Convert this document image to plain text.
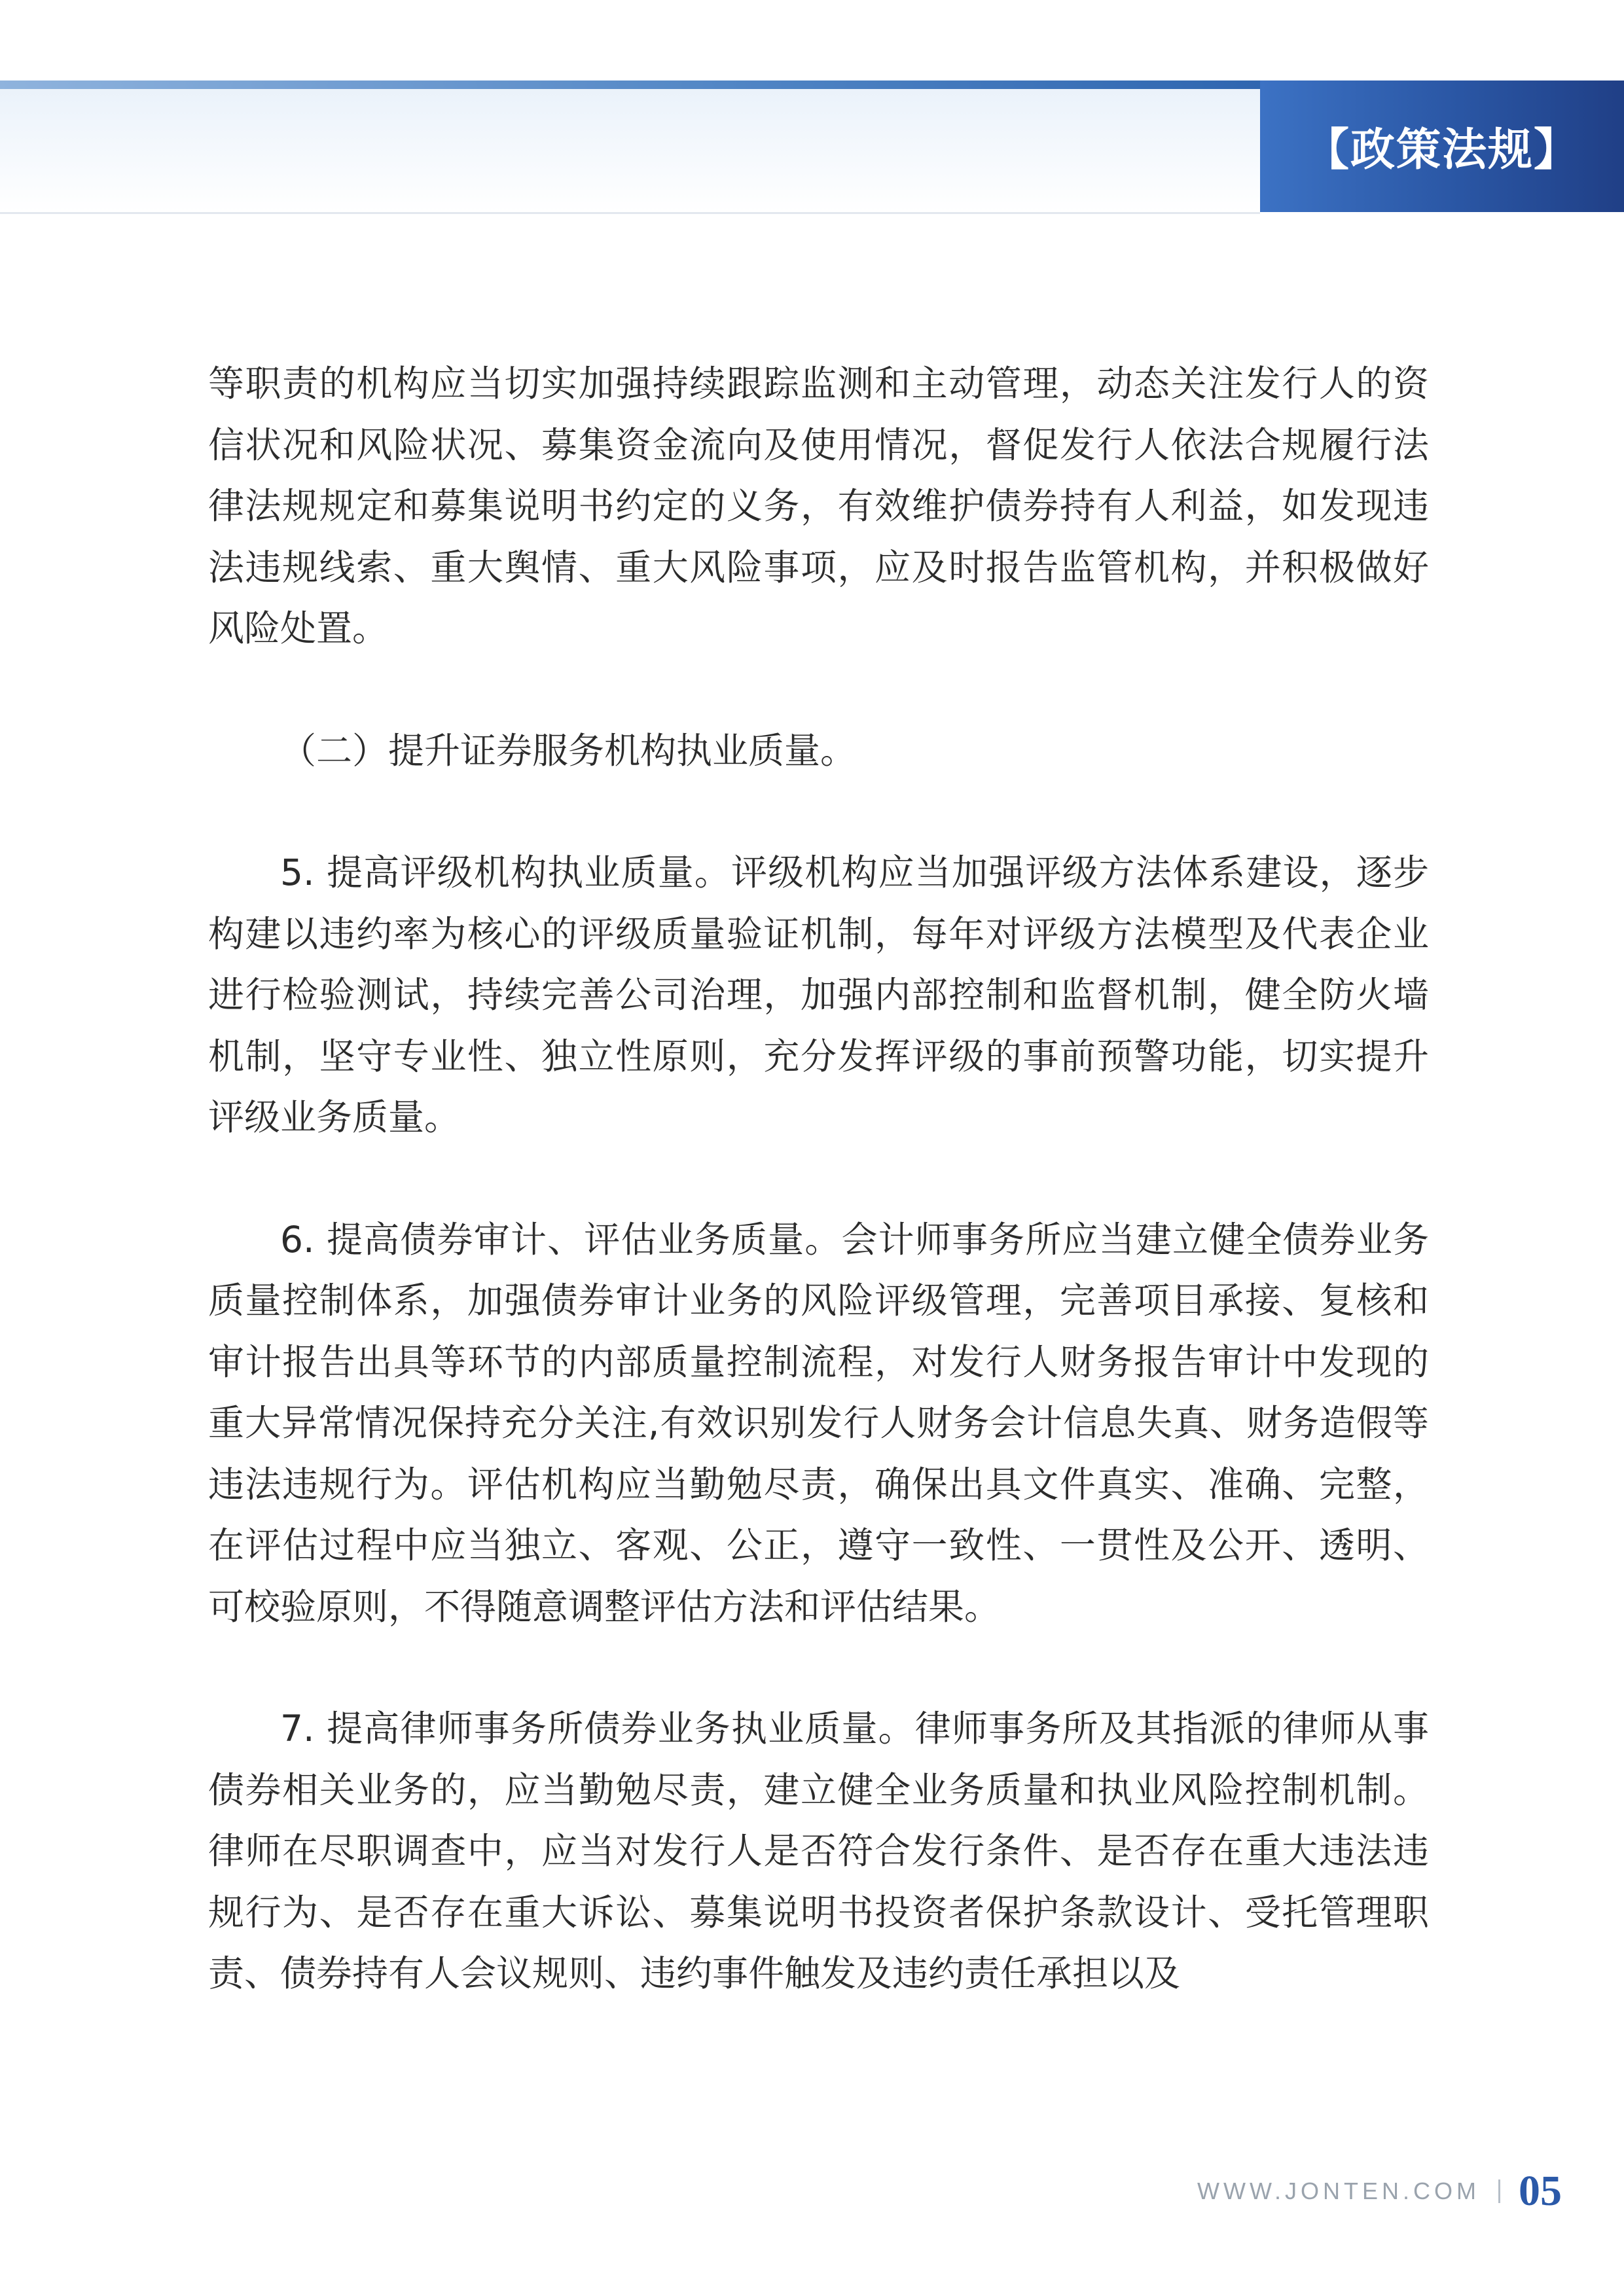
【政策法规】

等职责的机构应当切实加强持续跟踪监测和主动管理，动态关注发行人的资信状况和风险状况、募集资金流向及使用情况，督促发行人依法合规履行法律法规规定和募集说明书约定的义务，有效维护债券持有人利益，如发现违法违规线索、重大舆情、重大风险事项，应及时报告监管机构，并积极做好风险处置。

（二）提升证券服务机构执业质量。

5. 提高评级机构执业质量。评级机构应当加强评级方法体系建设，逐步构建以违约率为核心的评级质量验证机制，每年对评级方法模型及代表企业进行检验测试，持续完善公司治理，加强内部控制和监督机制，健全防火墙机制，坚守专业性、独立性原则，充分发挥评级的事前预警功能，切实提升评级业务质量。

6. 提高债券审计、评估业务质量。会计师事务所应当建立健全债券业务质量控制体系，加强债券审计业务的风险评级管理，完善项目承接、复核和审计报告出具等环节的内部质量控制流程，对发行人财务报告审计中发现的重大异常情况保持充分关注,有效识别发行人财务会计信息失真、财务造假等违法违规行为。评估机构应当勤勉尽责，确保出具文件真实、准确、完整，在评估过程中应当独立、客观、公正，遵守一致性、一贯性及公开、透明、可校验原则，不得随意调整评估方法和评估结果。

7. 提高律师事务所债券业务执业质量。律师事务所及其指派的律师从事债券相关业务的，应当勤勉尽责，建立健全业务质量和执业风险控制机制。律师在尽职调查中，应当对发行人是否符合发行条件、是否存在重大违法违规行为、是否存在重大诉讼、募集说明书投资者保护条款设计、受托管理职责、债券持有人会议规则、违约事件触发及违约责任承担以及

WWW.JONTEN.COM 05
